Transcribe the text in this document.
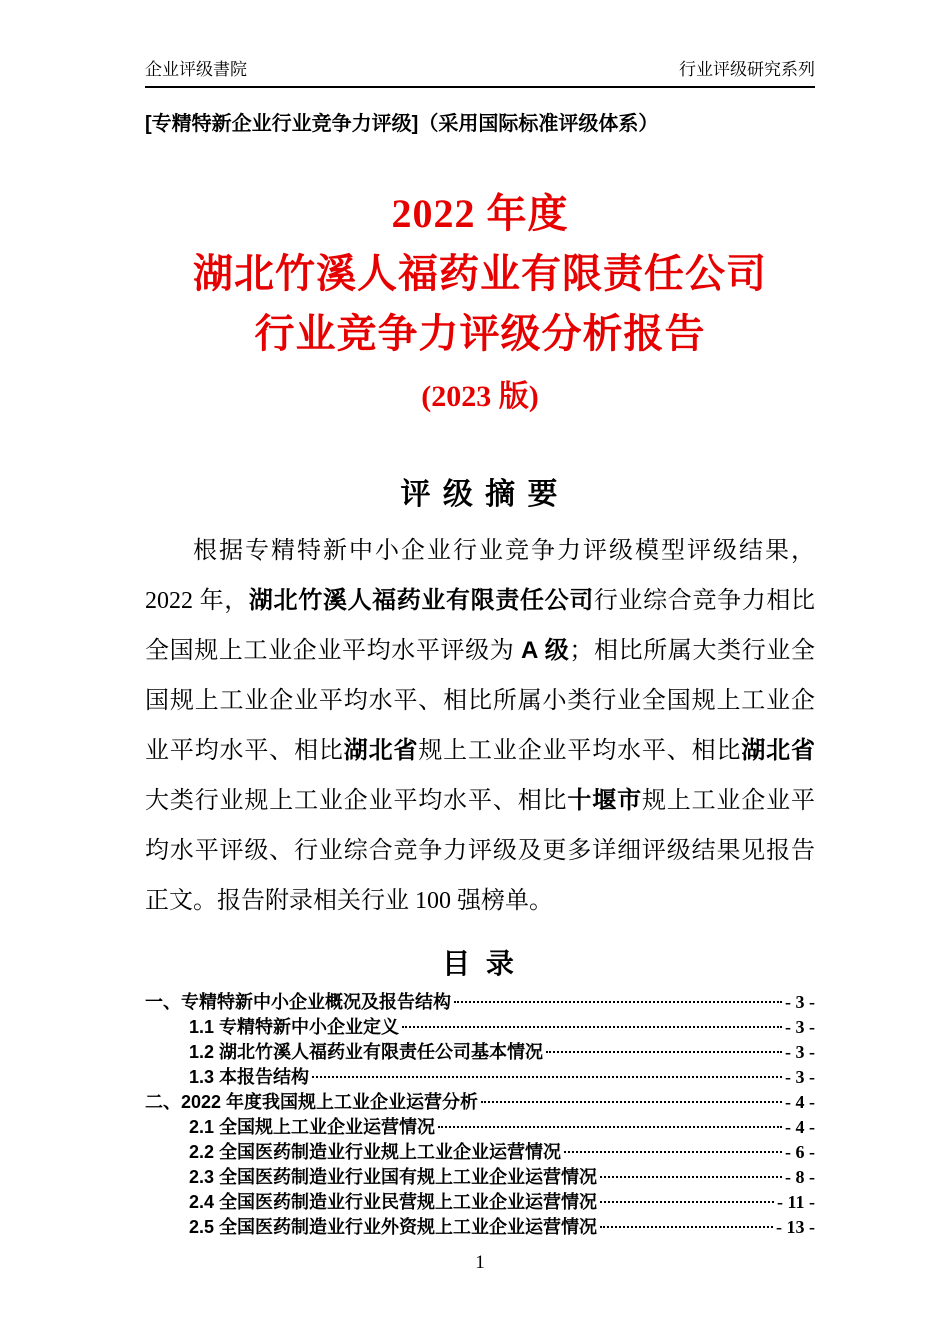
企业评级書院	行业评级研究系列
[专精特新企业行业竞争力评级]（采用国际标准评级体系）
2022 年度
湖北竹溪人福药业有限责任公司
行业竞争力评级分析报告
(2023 版)
评 级 摘 要

根据专精特新中小企业行业竞争力评级模型评级结果，2022 年，湖北竹溪人福药业有限责任公司行业综合竞争力相比全国规上工业企业平均水平评级为 A 级；相比所属大类行业全国规上工业企业平均水平、相比所属小类行业全国规上工业企业平均水平、相比湖北省规上工业企业平均水平、相比湖北省大类行业规上工业企业平均水平、相比十堰市规上工业企业平均水平评级、行业综合竞争力评级及更多详细评级结果见报告正文。报告附录相关行业 100 强榜单。

目 录
一、专精特新中小企业概况及报告结构	- 3 -
1.1 专精特新中小企业定义	- 3 -
1.2 湖北竹溪人福药业有限责任公司基本情况	- 3 -
1.3 本报告结构	- 3 -
二、2022 年度我国规上工业企业运营分析	- 4 -
2.1 全国规上工业企业运营情况	- 4 -
2.2 全国医药制造业行业规上工业企业运营情况	- 6 -
2.3 全国医药制造业行业国有规上工业企业运营情况	- 8 -
2.4 全国医药制造业行业民营规上工业企业运营情况	- 11 -
2.5 全国医药制造业行业外资规上工业企业运营情况	- 13 -
1
